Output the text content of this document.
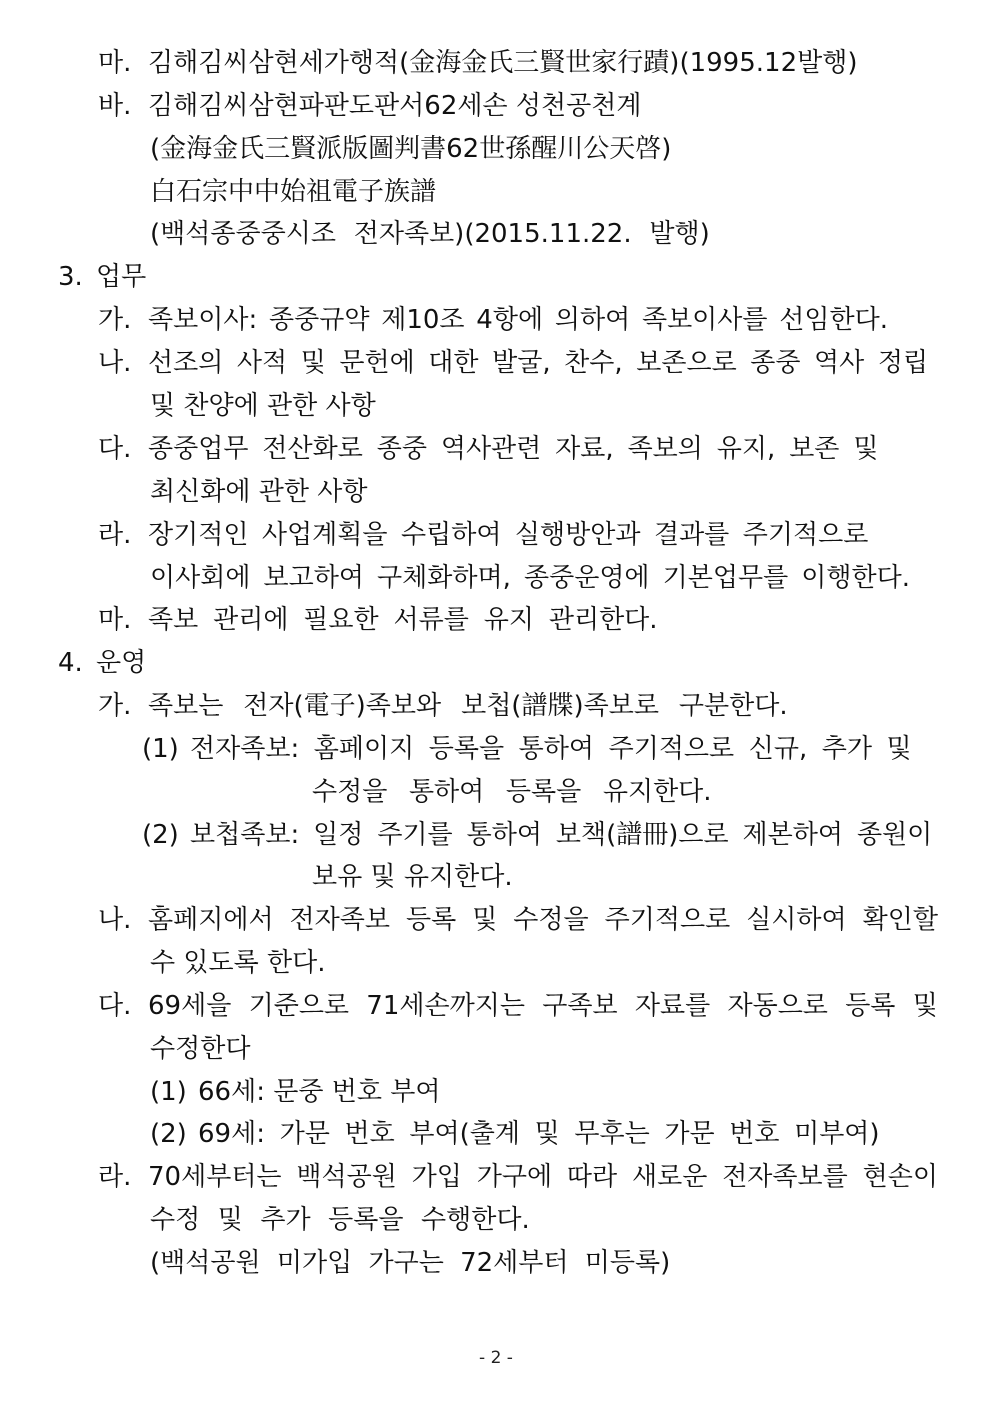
마. 김해김씨삼현세가행적(金海金氏三賢世家行蹟)(1995.12발행)
바. 김해김씨삼현파판도판서62세손 성천공천계
(金海金氏三賢派版圖判書62世孫醒川公天啓)
白石宗中中始祖電子族譜
(백석종중중시조 전자족보)(2015.11.22. 발행)
3. 업무
가. 족보이사: 종중규약 제10조 4항에 의하여 족보이사를 선임한다.
나. 선조의 사적 및 문헌에 대한 발굴, 찬수, 보존으로 종중 역사 정립
및 찬양에 관한 사항
다. 종중업무 전산화로 종중 역사관련 자료, 족보의 유지, 보존 및
최신화에 관한 사항
라. 장기적인 사업계획을 수립하여 실행방안과 결과를 주기적으로
이사회에 보고하여 구체화하며, 종중운영에 기본업무를 이행한다.
마. 족보 관리에 필요한 서류를 유지 관리한다.
4. 운영
가. 족보는 전자(電子)족보와 보첩(譜牒)족보로 구분한다.
(1) 전자족보: 홈페이지 등록을 통하여 주기적으로 신규, 추가 및
수정을 통하여 등록을 유지한다.
(2) 보첩족보: 일정 주기를 통하여 보책(譜冊)으로 제본하여 종원이
보유 및 유지한다.
나. 홈페지에서 전자족보 등록 및 수정을 주기적으로 실시하여 확인할
수 있도록 한다.
다. 69세을 기준으로 71세손까지는 구족보 자료를 자동으로 등록 및
수정한다
(1) 66세: 문중 번호 부여
(2) 69세: 가문 번호 부여(출계 및 무후는 가문 번호 미부여)
라. 70세부터는 백석공원 가입 가구에 따라 새로운 전자족보를 현손이
수정 및 추가 등록을 수행한다.
(백석공원 미가입 가구는 72세부터 미등록)
- 2 -
